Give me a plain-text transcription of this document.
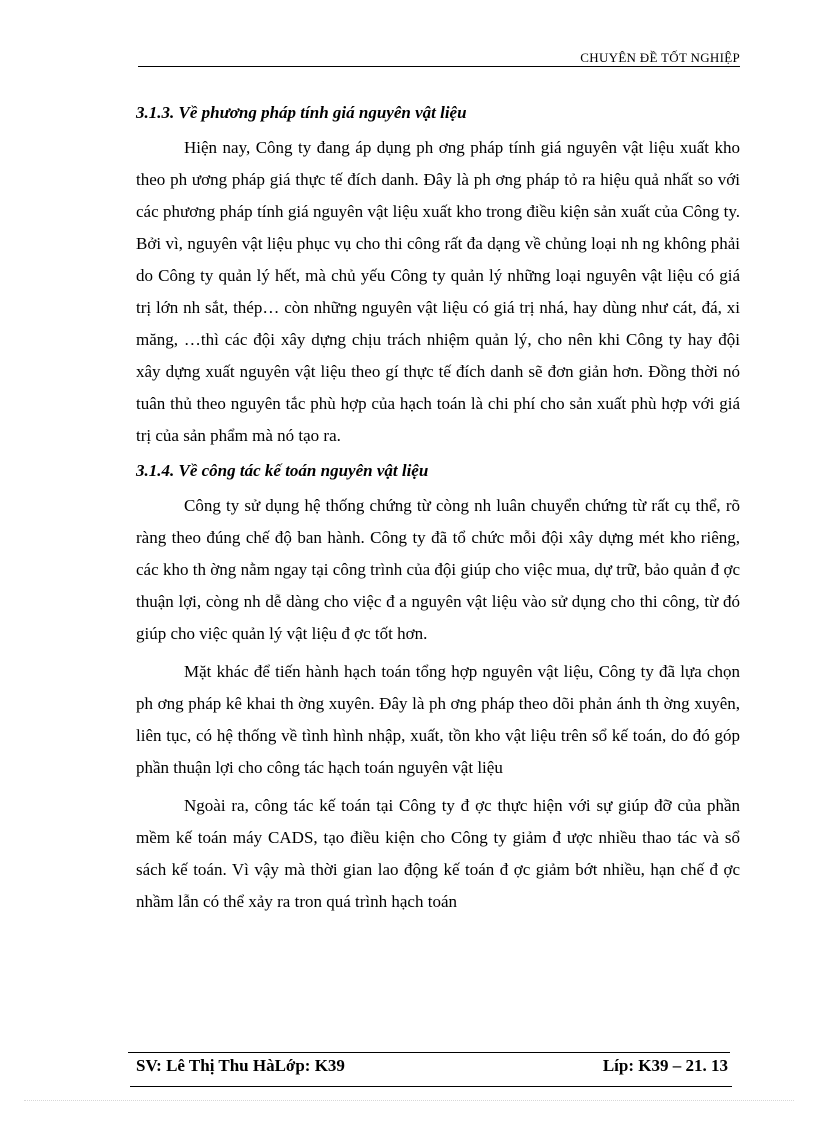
CHUYÊN ĐỀ TỐT NGHIỆP
3.1.3. Về phương pháp tính giá nguyên vật liệu

Hiện nay, Công ty đang áp dụng ph ơng pháp tính giá nguyên vật liệu xuất kho theo ph ương pháp giá thực tế đích danh. Đây là ph ơng pháp tỏ ra hiệu quả nhất so với các phương pháp tính giá nguyên vật liệu xuất kho trong điều kiện sản xuất của Công ty. Bởi vì, nguyên vật liệu phục vụ cho thi công rất đa dạng về chủng loại nh ng không phải do Công ty quản lý hết, mà chủ yếu Công ty quản lý những loại nguyên vật liệu có giá trị lớn nh sắt, thép… còn những nguyên vật liệu có giá trị nhá, hay dùng như cát, đá, xi măng, …thì các đội xây dựng chịu trách nhiệm quản lý, cho nên khi Công ty hay đội xây dựng xuất nguyên vật liệu theo gí thực tế đích danh sẽ đơn giản hơn. Đồng thời nó tuân thủ theo nguyên tắc phù hợp của hạch toán là chi phí cho sản xuất phù hợp với giá trị của sản phẩm mà nó tạo ra.

3.1.4. Về công tác kế toán nguyên vật liệu

Công ty sử dụng hệ thống chứng từ còng nh luân chuyển chứng từ rất cụ thể, rõ ràng theo đúng chế độ ban hành. Công ty đã tổ chức mỗi đội xây dựng mét kho riêng, các kho th ờng nằm ngay tại công trình của đội giúp cho việc mua, dự trữ, bảo quản đ ợc thuận lợi, còng nh dễ dàng cho việc đ a nguyên vật liệu vào sử dụng cho thi công, từ đó giúp cho việc quản lý vật liệu đ ợc tốt hơn.

Mặt khác để tiến hành hạch toán tổng hợp nguyên vật liệu, Công ty đã lựa chọn ph ơng pháp kê khai th ờng xuyên. Đây là ph ơng pháp theo dõi phản ánh th ờng xuyên, liên tục, có hệ thống về tình hình nhập, xuất, tồn kho vật liệu trên sổ kế toán, do đó góp phần thuận lợi cho công tác hạch toán nguyên vật liệu

Ngoài ra, công tác kế toán tại Công ty đ ợc thực hiện với sự giúp đỡ của phần mềm kế toán máy CADS, tạo điều kiện cho Công ty giảm đ ược nhiều thao tác và sổ sách kế toán. Vì vậy mà thời gian lao động kế toán đ ợc giảm bớt nhiều, hạn chế đ ợc nhầm lẫn có thể xảy ra tron quá trình hạch toán

SV: Lê Thị Thu HàLớp: K39	Líp: K39 – 21. 13
